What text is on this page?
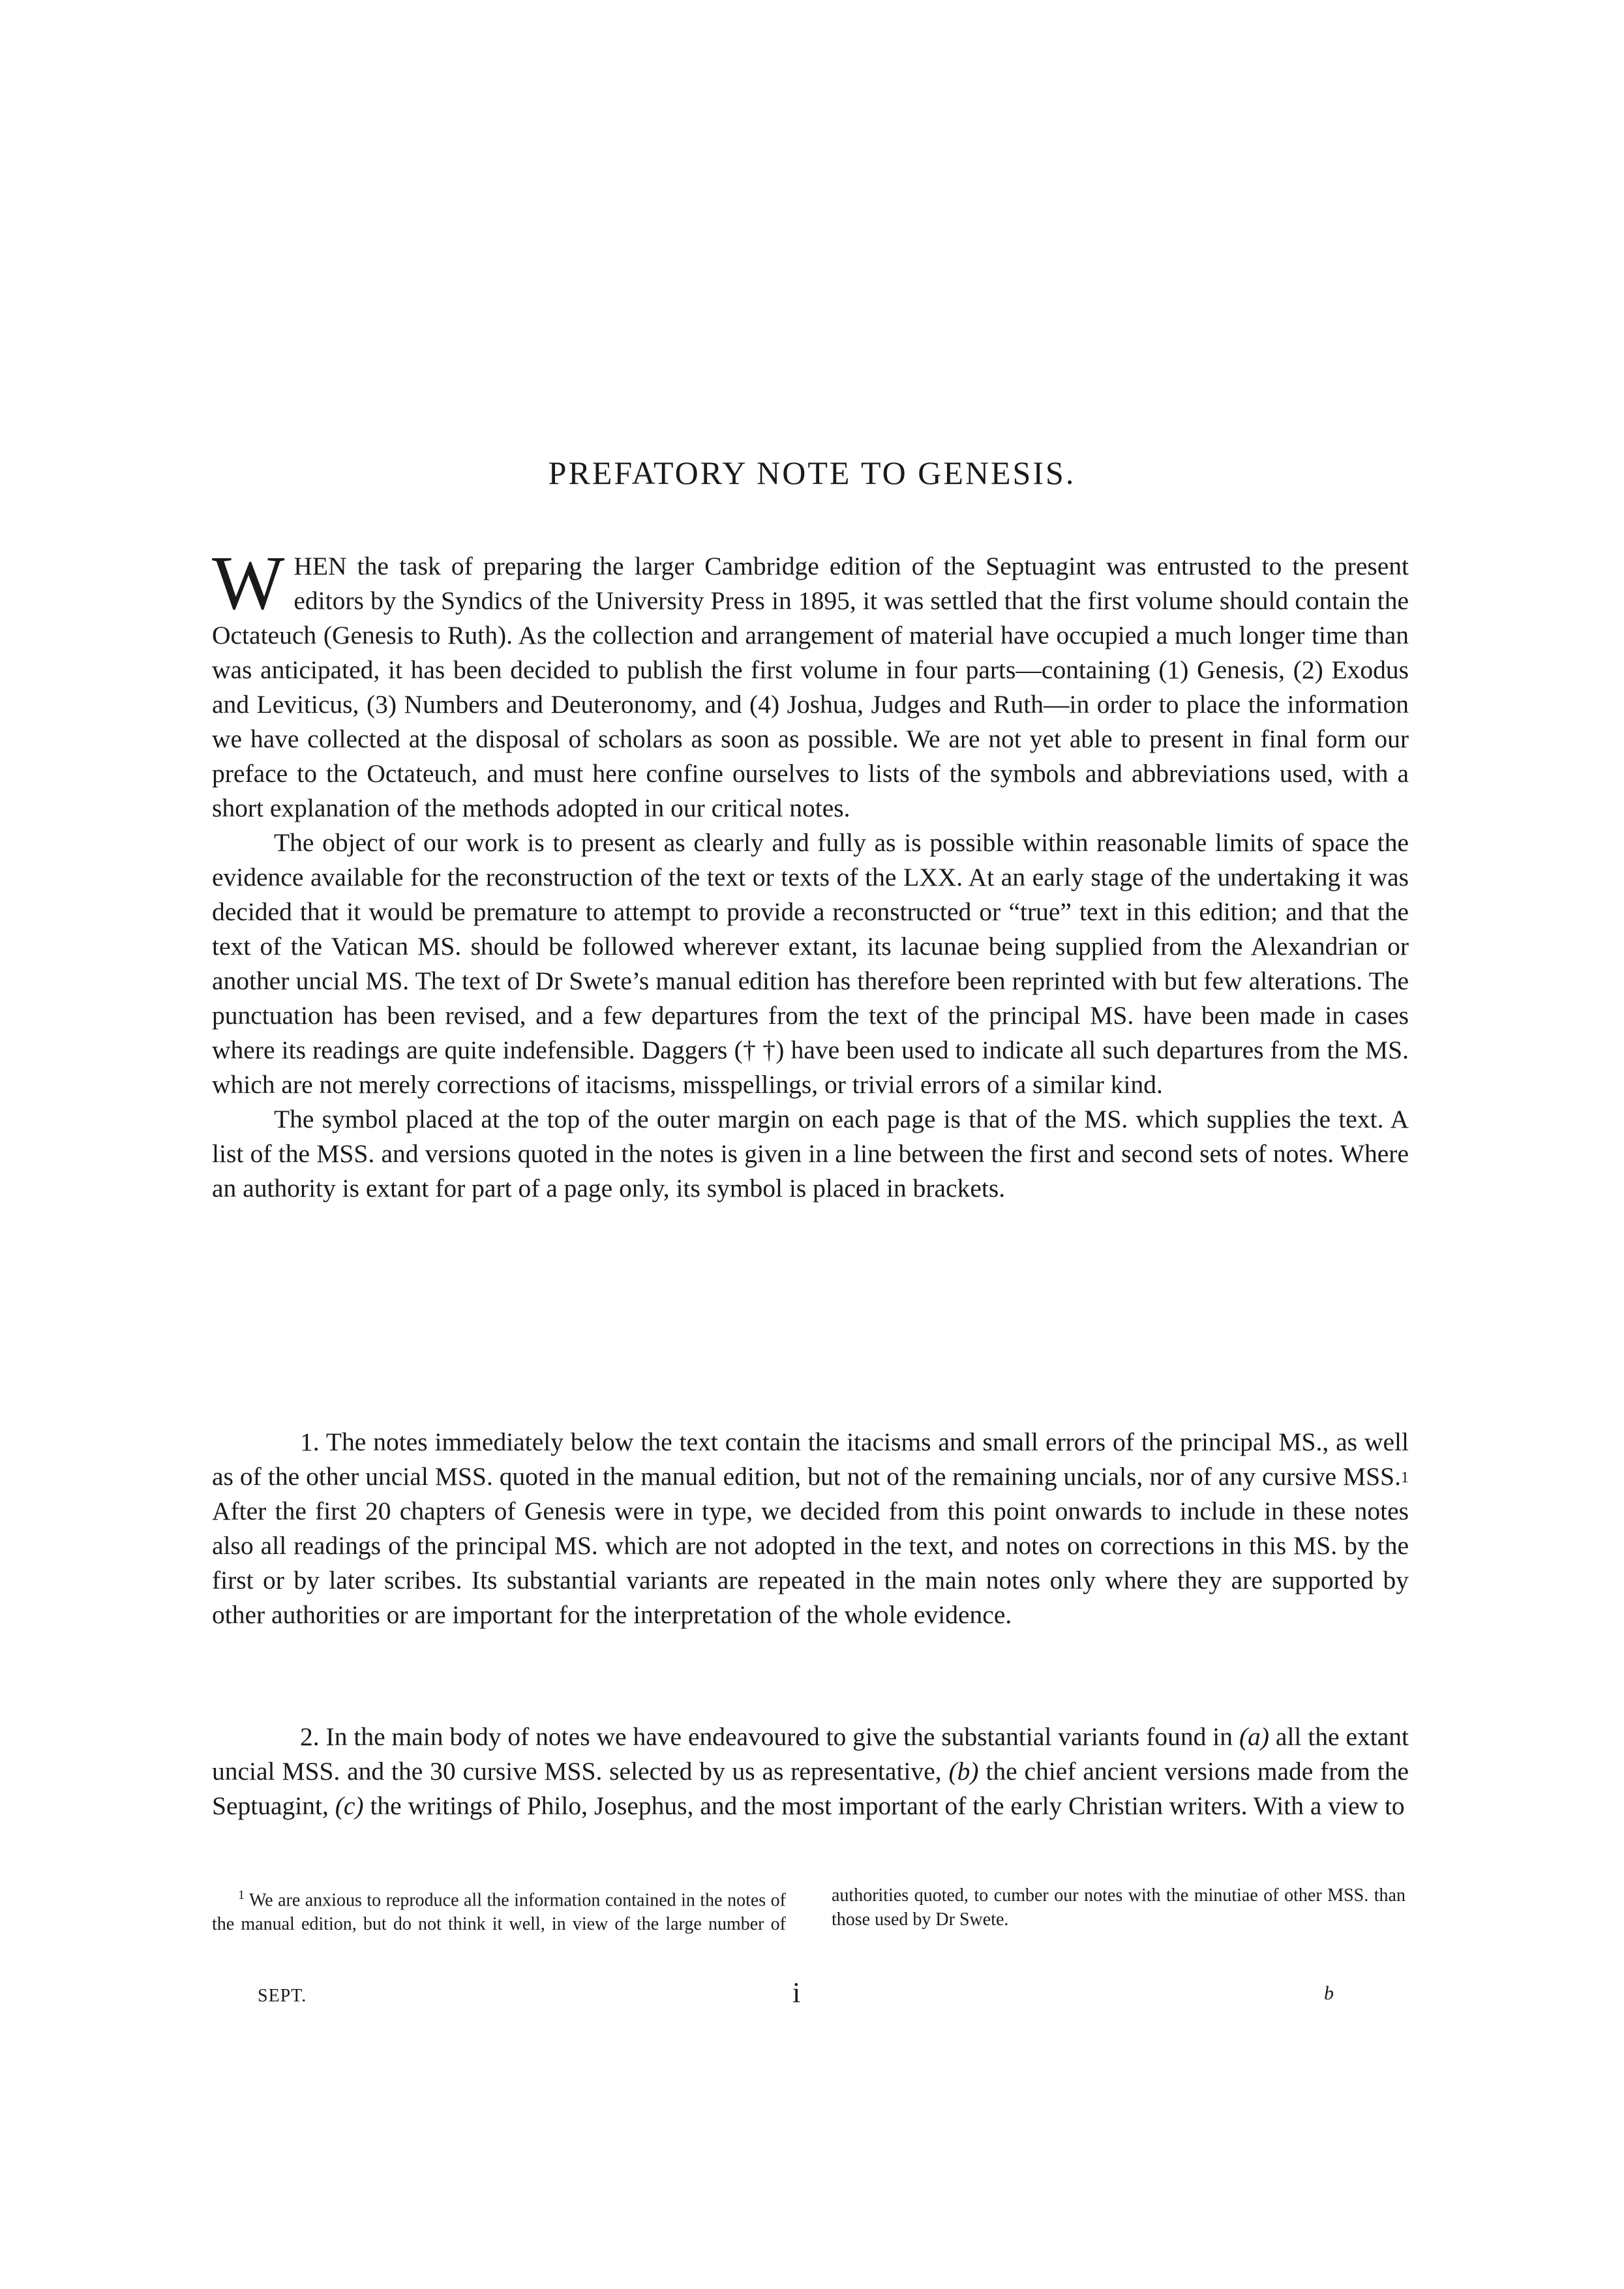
PREFATORY NOTE TO GENESIS.

WHEN the task of preparing the larger Cambridge edition of the Septuagint was entrusted to the present editors by the Syndics of the University Press in 1895, it was settled that the first volume should contain the Octateuch (Genesis to Ruth). As the collection and arrangement of material have occupied a much longer time than was anticipated, it has been decided to publish the first volume in four parts—containing (1) Genesis, (2) Exodus and Leviticus, (3) Numbers and Deuteronomy, and (4) Joshua, Judges and Ruth—in order to place the information we have collected at the disposal of scholars as soon as possible. We are not yet able to present in final form our preface to the Octateuch, and must here confine ourselves to lists of the symbols and abbreviations used, with a short explanation of the methods adopted in our critical notes.

The object of our work is to present as clearly and fully as is possible within reasonable limits of space the evidence available for the reconstruction of the text or texts of the LXX. At an early stage of the undertaking it was decided that it would be premature to attempt to provide a reconstructed or “true” text in this edition; and that the text of the Vatican MS. should be followed wherever extant, its lacunae being supplied from the Alexandrian or another uncial MS. The text of Dr Swete’s manual edition has therefore been reprinted with but few alterations. The punctuation has been revised, and a few departures from the text of the principal MS. have been made in cases where its readings are quite indefensible. Daggers († †) have been used to indicate all such departures from the MS. which are not merely corrections of itacisms, misspellings, or trivial errors of a similar kind.

The symbol placed at the top of the outer margin on each page is that of the MS. which supplies the text. A list of the MSS. and versions quoted in the notes is given in a line between the first and second sets of notes. Where an authority is extant for part of a page only, its symbol is placed in brackets.

1. The notes immediately below the text contain the itacisms and small errors of the principal MS., as well as of the other uncial MSS. quoted in the manual edition, but not of the remaining uncials, nor of any cursive MSS.$^1$ After the first 20 chapters of Genesis were in type, we decided from this point onwards to include in these notes also all readings of the principal MS. which are not adopted in the text, and notes on corrections in this MS. by the first or by later scribes. Its substantial variants are repeated in the main notes only where they are supported by other authorities or are important for the interpretation of the whole evidence.

2. In the main body of notes we have endeavoured to give the substantial variants found in (a) all the extant uncial MSS. and the 30 cursive MSS. selected by us as representative, (b) the chief ancient versions made from the Septuagint, (c) the writings of Philo, Josephus, and the most important of the early Christian writers. With a view to

$^1$ We are anxious to reproduce all the information contained in the notes of the manual edition, but do not think it well, in view of the large number of authorities quoted, to cumber our notes with the minutiae of other MSS. than those used by Dr Swete.

SEPT.	i	b
